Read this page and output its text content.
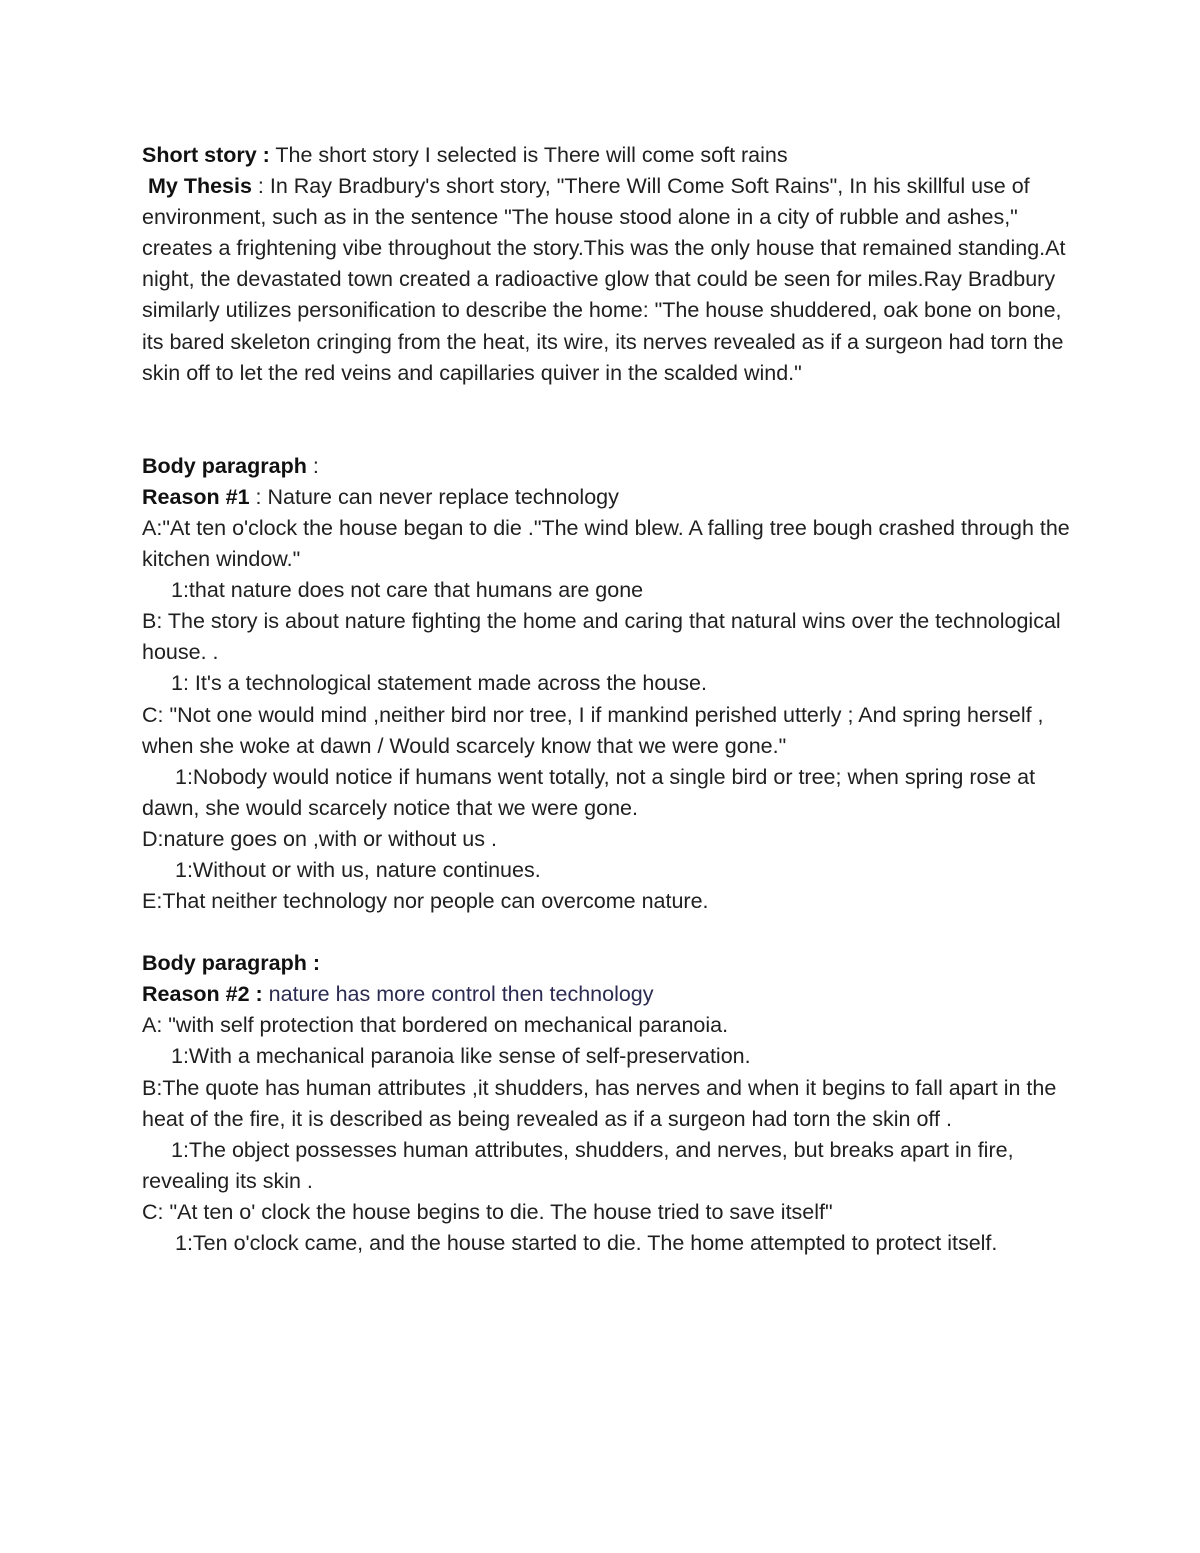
Short story : The short story I selected is There will come soft rains

My Thesis : In Ray Bradbury's short story, "There Will Come Soft Rains", In his skillful use of environment, such as in the sentence "The house stood alone in a city of rubble and ashes," creates a frightening vibe throughout the story.This was the only house that remained standing.At night, the devastated town created a radioactive glow that could be seen for miles.Ray Bradbury similarly utilizes personification to describe the home: "The house shuddered, oak bone on bone, its bared skeleton cringing from the heat, its wire, its nerves revealed as if a surgeon had torn the skin off to let the red veins and capillaries quiver in the scalded wind."

Body paragraph :

Reason #1 : Nature can never replace technology

A:"At ten o'clock the house began to die ."The wind blew. A falling tree bough crashed through the kitchen window."

1:that nature does not care that humans are gone

B: The story is about nature fighting the home and caring that natural wins over the technological house. .

1: It's a technological statement made across the house.

C: "Not one would mind ,neither bird nor tree, I if mankind perished utterly ; And spring herself , when she woke at dawn / Would scarcely know that we were gone."

1:Nobody would notice if humans went totally, not a single bird or tree; when spring rose at dawn, she would scarcely notice that we were gone.

D:nature goes on ,with or without us .

1:Without or with us, nature continues.

E:That neither technology nor people can overcome nature.

Body paragraph :

Reason #2 : nature has more control then technology

A: "with self protection that bordered on mechanical paranoia.

1:With a mechanical paranoia like sense of self-preservation.

B:The quote has human attributes ,it shudders, has nerves and when it begins to fall apart in the heat of the fire, it is described as being revealed as if a surgeon had torn the skin off .

1:The object possesses human attributes, shudders, and nerves, but breaks apart in fire, revealing its skin .

C: "At ten o' clock the house begins to die. The house tried to save itself"

1:Ten o'clock came, and the house started to die. The home attempted to protect itself.
